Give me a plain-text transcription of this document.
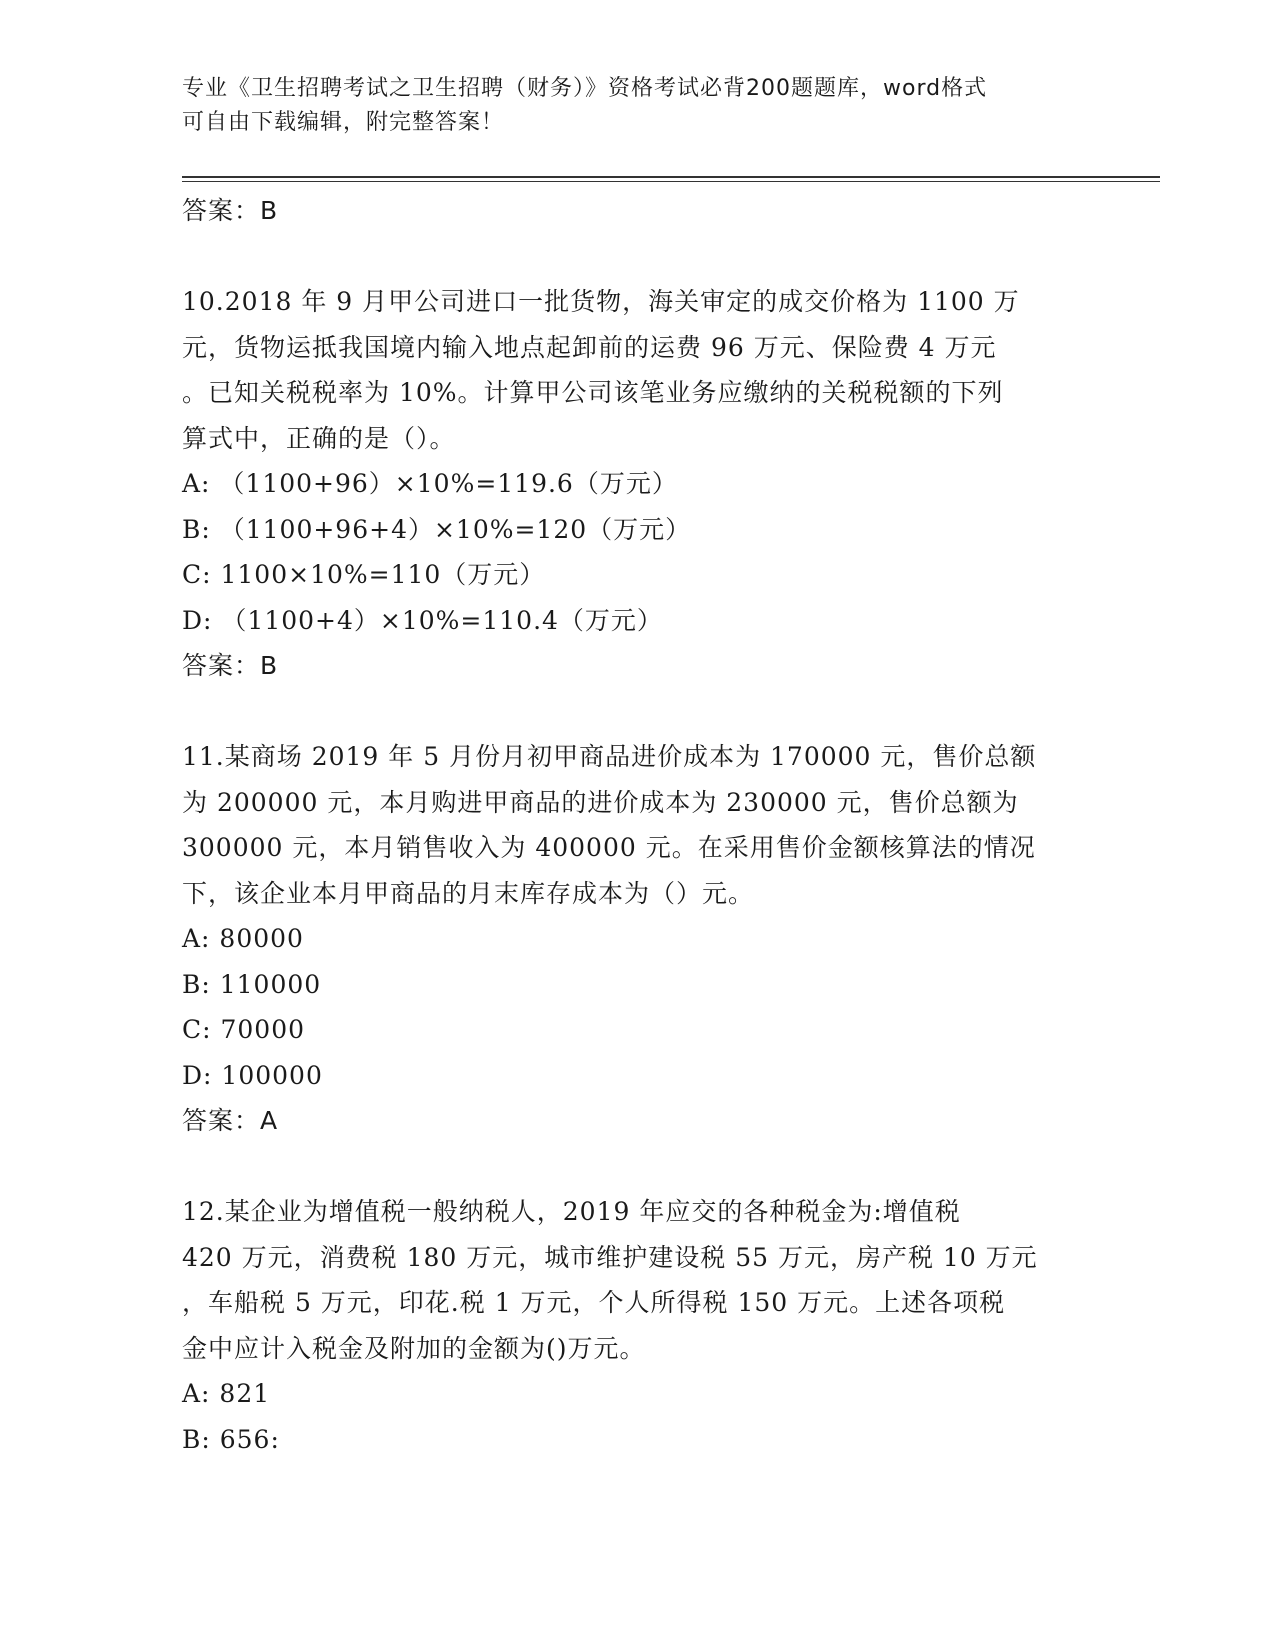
专业《卫生招聘考试之卫生招聘（财务）》资格考试必背200题题库，word格式
可自由下载编辑，附完整答案！
答案：B
10.2018 年 9 月甲公司进口一批货物，海关审定的成交价格为 1100 万
元，货物运抵我国境内输入地点起卸前的运费 96 万元、保险费 4 万元
。已知关税税率为 10%。计算甲公司该笔业务应缴纳的关税税额的下列
算式中，正确的是（）。
A: （1100+96）×10%=119.6（万元）
B: （1100+96+4）×10%=120（万元）
C: 1100×10%=110（万元）
D: （1100+4）×10%=110.4（万元）
答案：B
11.某商场 2019 年 5 月份月初甲商品进价成本为 170000 元，售价总额
为 200000 元，本月购进甲商品的进价成本为 230000 元，售价总额为
300000 元，本月销售收入为 400000 元。在采用售价金额核算法的情况
下，该企业本月甲商品的月末库存成本为（）元。
A: 80000
B: 110000
C: 70000
D: 100000
答案：A
12.某企业为增值税一般纳税人，2019 年应交的各种税金为:增值税
420 万元，消费税 180 万元，城市维护建设税 55 万元，房产税 10 万元
，车船税 5 万元，印花.税 1 万元，个人所得税 150 万元。上述各项税
金中应计入税金及附加的金额为()万元。
A: 821
B: 656:
